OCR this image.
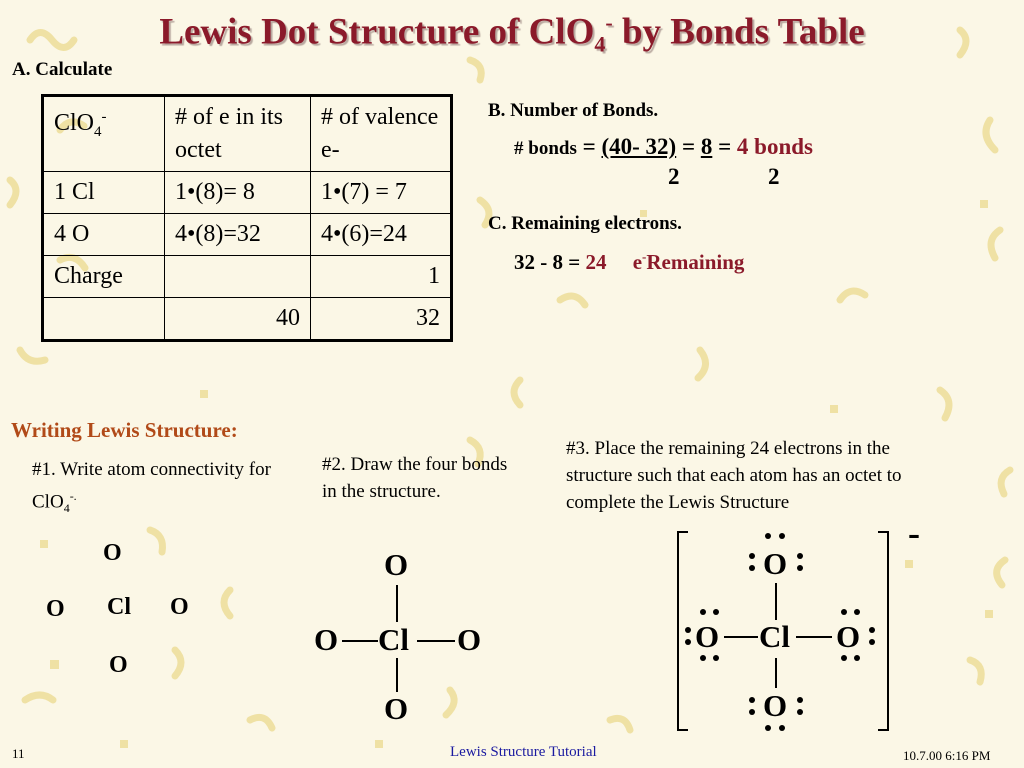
Lewis Dot Structure of ClO$_4$- by Bonds Table
A. Calculate
ClO$_4$-	# of e in its octet	# of valence e-
1 Cl	1•(8)= 8	1•(7) = 7
4 O	4•(8)=32	4•(6)=24
Charge		1
	40	32
B. Number of Bonds.
# bonds = (40- 32) = 8 = 4 bonds
2	2
C. Remaining electrons.
32 - 8 = 24 e-Remaining
Writing Lewis Structure:
#1. Write atom connectivity for ClO$_4$-.
#2. Draw the four bonds in the structure.
#3. Place the remaining 24 electrons in the structure such that each atom has an octet to complete the Lewis Structure
O
O Cl O
O
O
O Cl O
O
O
O Cl O
O
-
11	Lewis Structure Tutorial	10.7.00 6:16 PM
